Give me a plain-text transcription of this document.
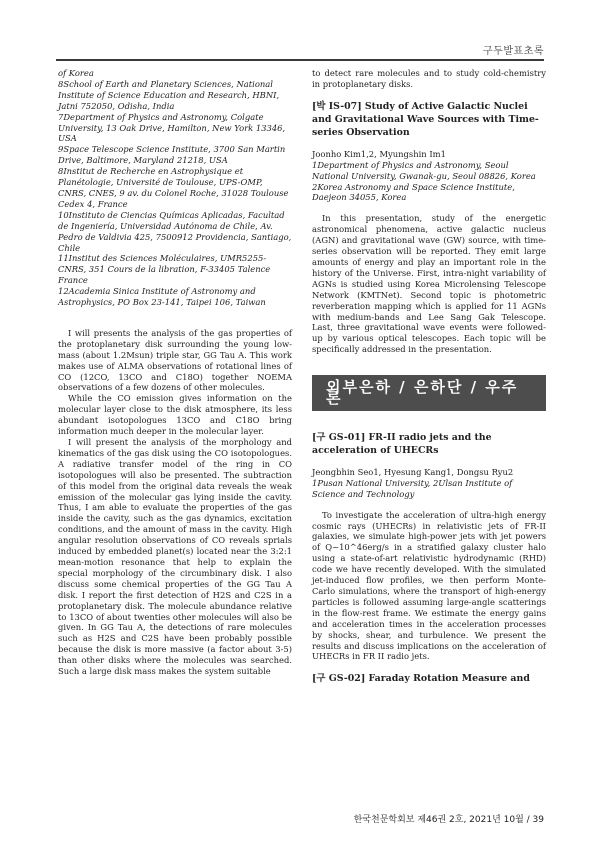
구두발표초록

of Korea

8School of Earth and Planetary Sciences, National Institute of Science Education and Research, HBNI, Jatni 752050, Odisha, India

7Department of Physics and Astronomy, Colgate University, 13 Oak Drive, Hamilton, New York 13346, USA

9Space Telescope Science Institute, 3700 San Martin Drive, Baltimore, Maryland 21218, USA

8Institut de Recherche en Astrophysique et Planétologie, Université de Toulouse, UPS-OMP, CNRS, CNES, 9 av. du Colonel Roche, 31028 Toulouse Cedex 4, France

10Instituto de Ciencias Químicas Aplicadas, Facultad de Ingeniería, Universidad Autónoma de Chile, Av. Pedro de Valdivia 425, 7500912 Providencia, Santiago, Chile

11Institut des Sciences Moléculaires, UMR5255-CNRS, 351 Cours de la libration, F-33405 Talence France

12Academia Sinica Institute of Astronomy and Astrophysics, PO Box 23-141, Taipei 106, Taiwan

I will presents the analysis of the gas properties of the protoplanetary disk surrounding the young low-mass (about 1.2Msun) triple star, GG Tau A. This work makes use of ALMA observations of rotational lines of CO (12CO, 13CO and C18O) together NOEMA observations of a few dozens of other molecules.

While the CO emission gives information on the molecular layer close to the disk atmosphere, its less abundant isotopologues 13CO and C18O bring information much deeper in the molecular layer.

I will present the analysis of the morphology and kinematics of the gas disk using the CO isotopologues. A radiative transfer model of the ring in CO isotopologues will also be presented. The subtraction of this model from the original data reveals the weak emission of the molecular gas lying inside the cavity. Thus, I am able to evaluate the properties of the gas inside the cavity, such as the gas dynamics, excitation conditions, and the amount of mass in the cavity. High angular resolution observations of CO reveals sprials induced by embedded planet(s) located near the 3:2:1 mean-motion resonance that help to explain the special morphology of the circumbinary disk. I also discuss some chemical properties of the GG Tau A disk. I report the first detection of H2S and C2S in a protoplanetary disk. The molecule abundance relative to 13CO of about twenties other molecules will also be given. In GG Tau A, the detections of rare molecules such as H2S and C2S have been probably possible because the disk is more massive (a factor about 3-5) than other disks where the molecules was searched. Such a large disk mass makes the system suitable

to detect rare molecules and to study cold-chemistry in protoplanetary disks.

[박 IS-07] Study of Active Galactic Nuclei and Gravitational Wave Sources with Time-series Observation

Joonho Kim1,2, Myungshin Im1

1Department of Physics and Astronomy, Seoul National University, Gwanak-gu, Seoul 08826, Korea

2Korea Astronomy and Space Science Institute, Daejeon 34055, Korea

In this presentation, study of the energetic astronomical phenomena, active galactic nucleus (AGN) and gravitational wave (GW) source, with time-series observation will be reported. They emit large amounts of energy and play an important role in the history of the Universe. First, intra-night variability of AGNs is studied using Korea Microlensing Telescope Network (KMTNet). Second topic is photometric reverberation mapping which is applied for 11 AGNs with medium-bands and Lee Sang Gak Telescope. Last, three gravitational wave events were followed-up by various optical telescopes. Each topic will be specifically addressed in the presentation.

외부은하 / 은하단 / 우주론

[구 GS-01] FR-II radio jets and the acceleration of UHECRs

Jeongbhin Seo1, Hyesung Kang1, Dongsu Ryu2

1Pusan National University, 2Ulsan Institute of Science and Technology

To investigate the acceleration of ultra-high energy cosmic rays (UHECRs) in relativistic jets of FR-II galaxies, we simulate high-power jets with jet powers of Q~10^46erg/s in a stratified galaxy cluster halo using a state-of-art relativistic hydrodynamic (RHD) code we have recently developed. With the simulated jet-induced flow profiles, we then perform Monte-Carlo simulations, where the transport of high-energy particles is followed assuming large-angle scatterings in the flow-rest frame. We estimate the energy gains and acceleration times in the acceleration processes by shocks, shear, and turbulence. We present the results and discuss implications on the acceleration of UHECRs in FR II radio jets.

[구 GS-02] Faraday Rotation Measure and

한국천문학회보 제46권 2호, 2021년 10월 / 39
